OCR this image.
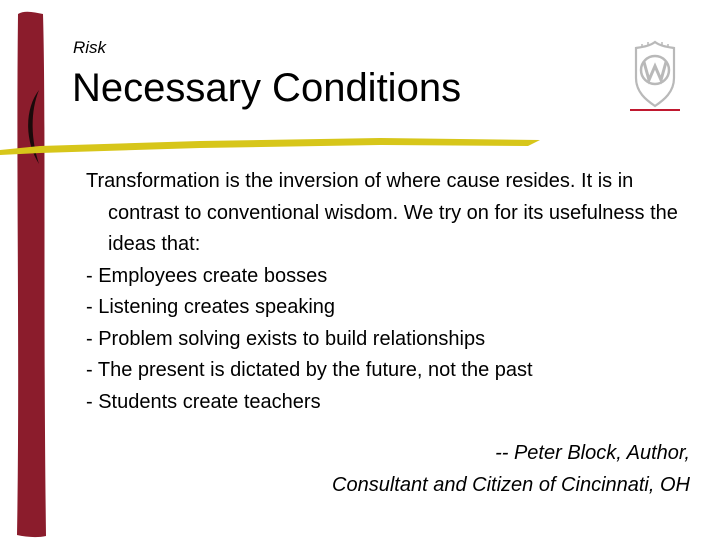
Risk
Necessary Conditions

Transformation is the inversion of where cause resides. It is in contrast to conventional wisdom. We try on for its usefulness the ideas that:

- Employees create bosses

- Listening creates speaking

- Problem solving exists to build relationships

- The present is dictated by the future, not the past

- Students create teachers

-- Peter Block, Author,

Consultant and Citizen of Cincinnati, OH
